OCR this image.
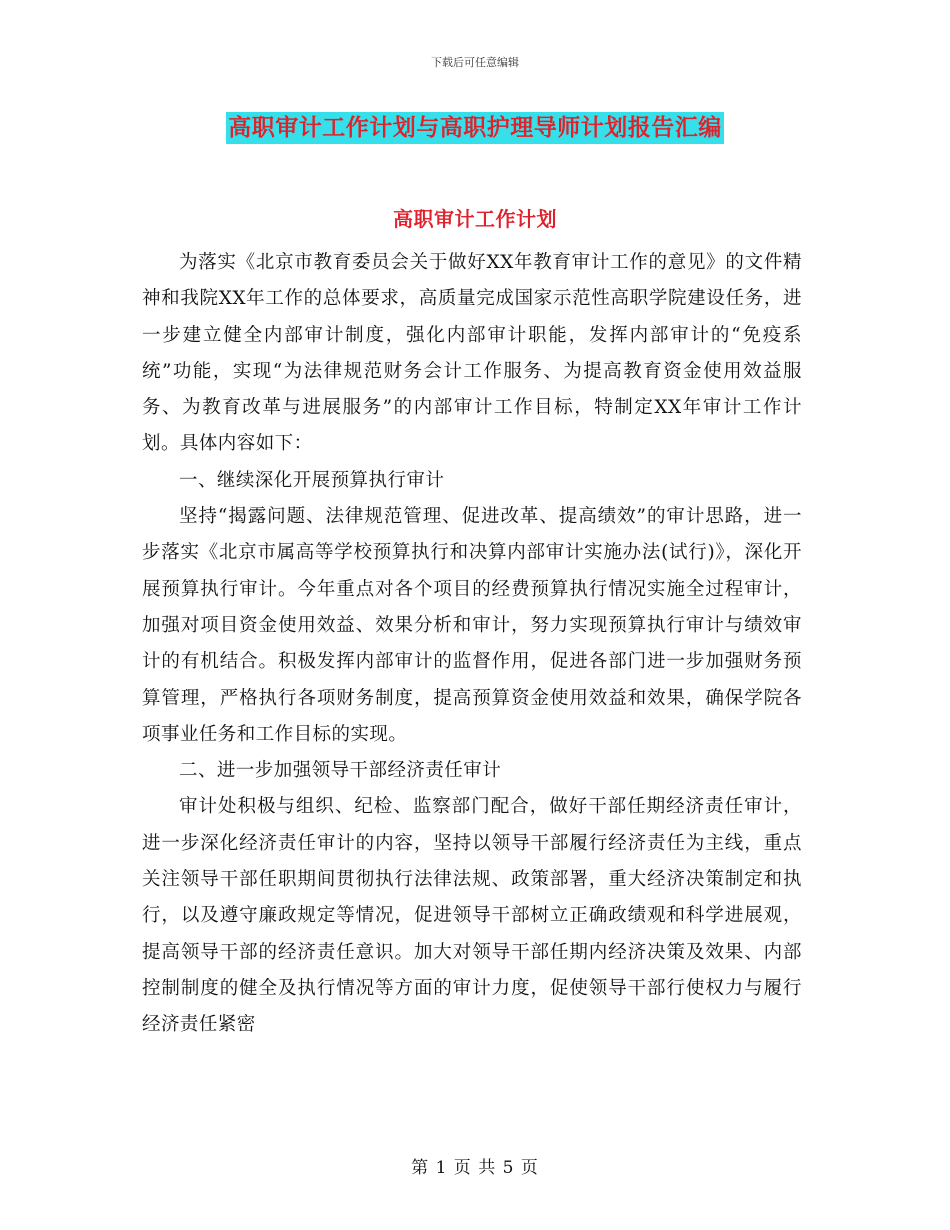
下载后可任意编辑
高职审计工作计划与高职护理导师计划报告汇编
高职审计工作计划

为落实《北京市教育委员会关于做好XX年教育审计工作的意见》的文件精神和我院XX年工作的总体要求，高质量完成国家示范性高职学院建设任务，进一步建立健全内部审计制度，强化内部审计职能，发挥内部审计的“免疫系统”功能，实现“为法律规范财务会计工作服务、为提高教育资金使用效益服务、为教育改革与进展服务”的内部审计工作目标，特制定XX年审计工作计划。具体内容如下：

一、继续深化开展预算执行审计

坚持“揭露问题、法律规范管理、促进改革、提高绩效”的审计思路，进一步落实《北京市属高等学校预算执行和决算内部审计实施办法(试行)》，深化开展预算执行审计。今年重点对各个项目的经费预算执行情况实施全过程审计，加强对项目资金使用效益、效果分析和审计，努力实现预算执行审计与绩效审计的有机结合。积极发挥内部审计的监督作用，促进各部门进一步加强财务预算管理，严格执行各项财务制度，提高预算资金使用效益和效果，确保学院各项事业任务和工作目标的实现。

二、进一步加强领导干部经济责任审计

审计处积极与组织、纪检、监察部门配合，做好干部任期经济责任审计，进一步深化经济责任审计的内容，坚持以领导干部履行经济责任为主线，重点关注领导干部任职期间贯彻执行法律法规、政策部署，重大经济决策制定和执行，以及遵守廉政规定等情况，促进领导干部树立正确政绩观和科学进展观，提高领导干部的经济责任意识。加大对领导干部任期内经济决策及效果、内部控制制度的健全及执行情况等方面的审计力度，促使领导干部行使权力与履行经济责任紧密

第 1 页 共 5 页
